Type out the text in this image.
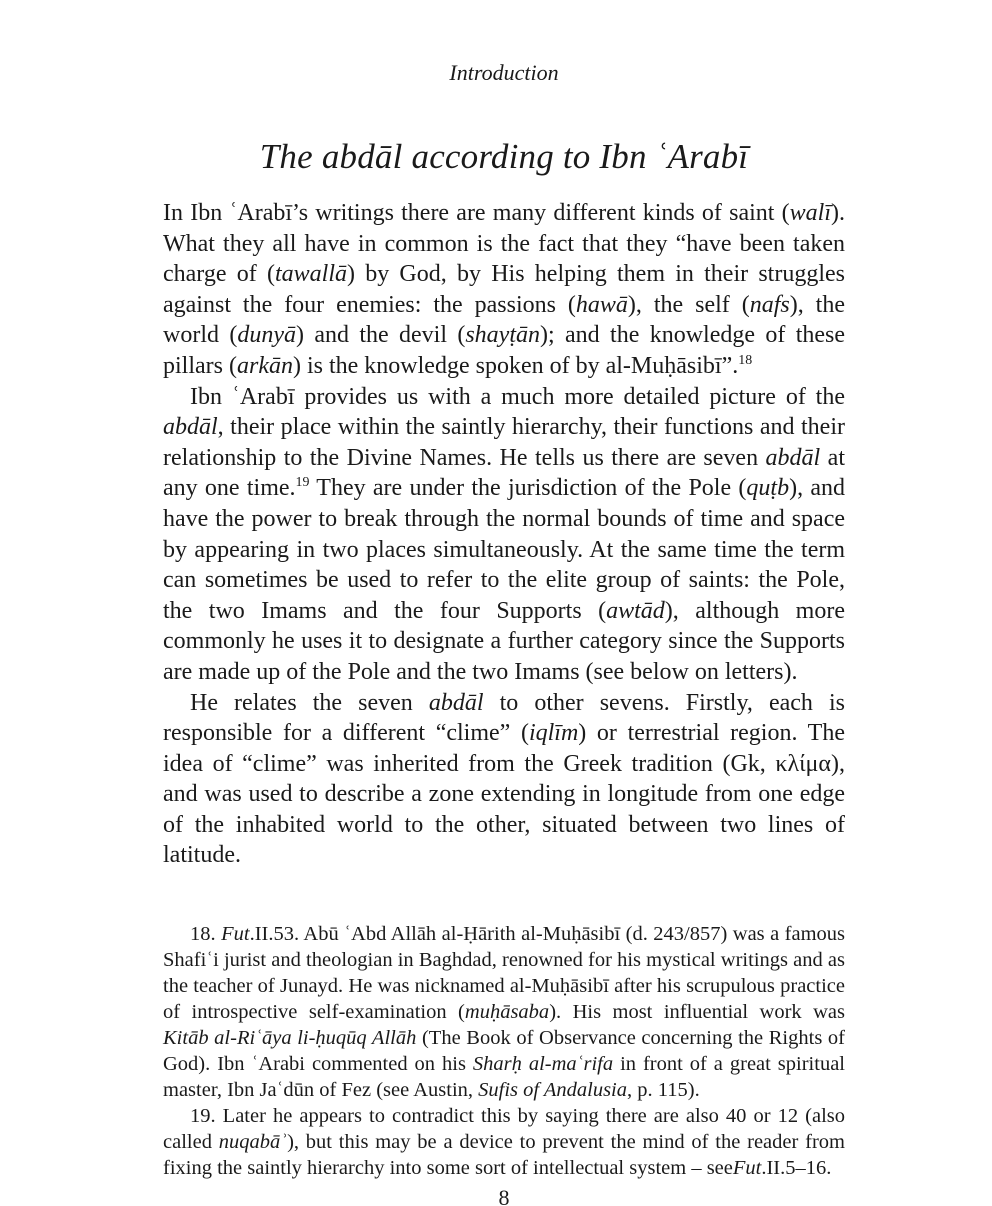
Introduction
The abdāl according to Ibn ʿArabī

In Ibn ʿArabī’s writings there are many different kinds of saint (walī). What they all have in common is the fact that they “have been taken charge of (tawallā) by God, by His helping them in their struggles against the four enemies: the passions (hawā), the self (nafs), the world (dunyā) and the devil (shayṭān); and the knowledge of these pillars (arkān) is the knowledge spoken of by al-Muḥāsibī”.$^{18}$

Ibn ʿArabī provides us with a much more detailed picture of the abdāl, their place within the saintly hierarchy, their functions and their relationship to the Divine Names. He tells us there are seven abdāl at any one time.$^{19}$ They are under the jurisdiction of the Pole (quṭb), and have the power to break through the normal bounds of time and space by appearing in two places simultaneously. At the same time the term can sometimes be used to refer to the elite group of saints: the Pole, the two Imams and the four Supports (awtād), although more commonly he uses it to designate a further category since the Supports are made up of the Pole and the two Imams (see below on letters).

He relates the seven abdāl to other sevens. Firstly, each is responsible for a different “clime” (iqlīm) or terrestrial region. The idea of “clime” was inherited from the Greek tradition (Gk, κλίμα), and was used to describe a zone extending in longitude from one edge of the inhabited world to the other, situated between two lines of latitude.

18. Fut.II.53. Abū ʿAbd Allāh al-Ḥārith al-Muḥāsibī (d. 243/857) was a famous Shafiʿi jurist and theologian in Baghdad, renowned for his mystical writings and as the teacher of Junayd. He was nicknamed al-Muḥāsibī after his scrupulous practice of introspective self-examination (muḥāsaba). His most influential work was Kitāb al-Riʿāya li-ḥuqūq Allāh (The Book of Observance concerning the Rights of God). Ibn ʿArabi commented on his Sharḥ al-maʿrifa in front of a great spiritual master, Ibn Jaʿdūn of Fez (see Austin, Sufis of Andalusia, p. 115).

19. Later he appears to contradict this by saying there are also 40 or 12 (also called nuqabāʾ), but this may be a device to prevent the mind of the reader from fixing the saintly hierarchy into some sort of intellectual system – seeFut.II.5–16.

8
